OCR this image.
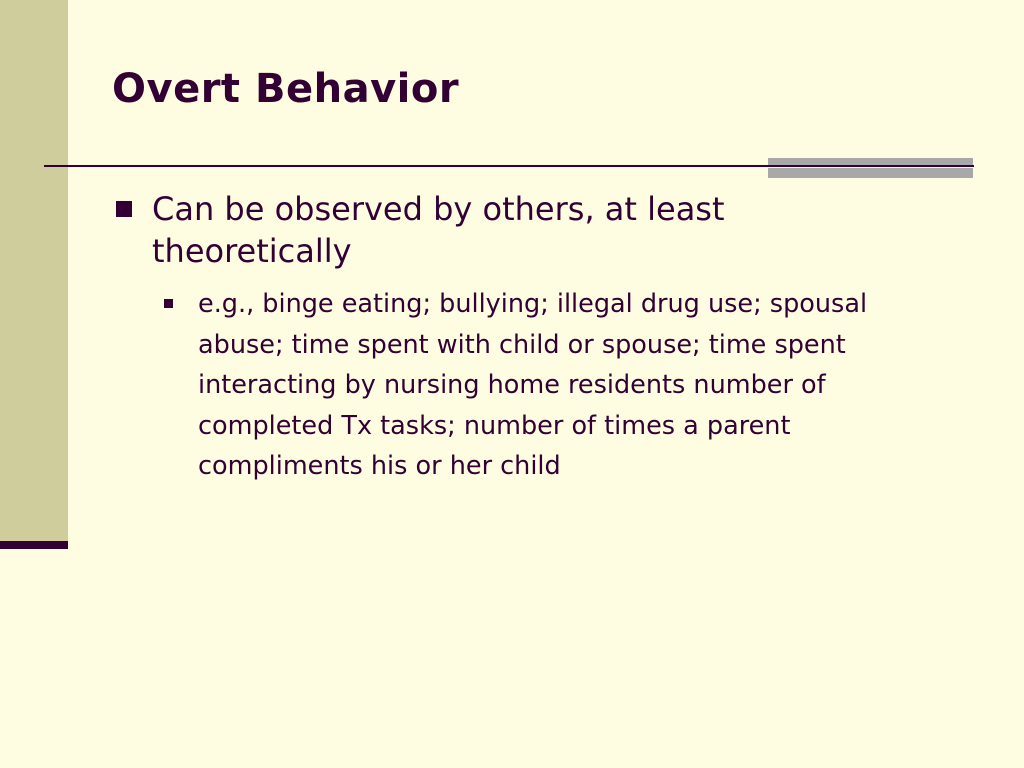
Overt Behavior
Can be observed by others, at least theoretically
e.g., binge eating; bullying; illegal drug use; spousal abuse; time spent with child or spouse; time spent interacting by nursing home residents number of completed Tx tasks; number of times a parent compliments his or her child
